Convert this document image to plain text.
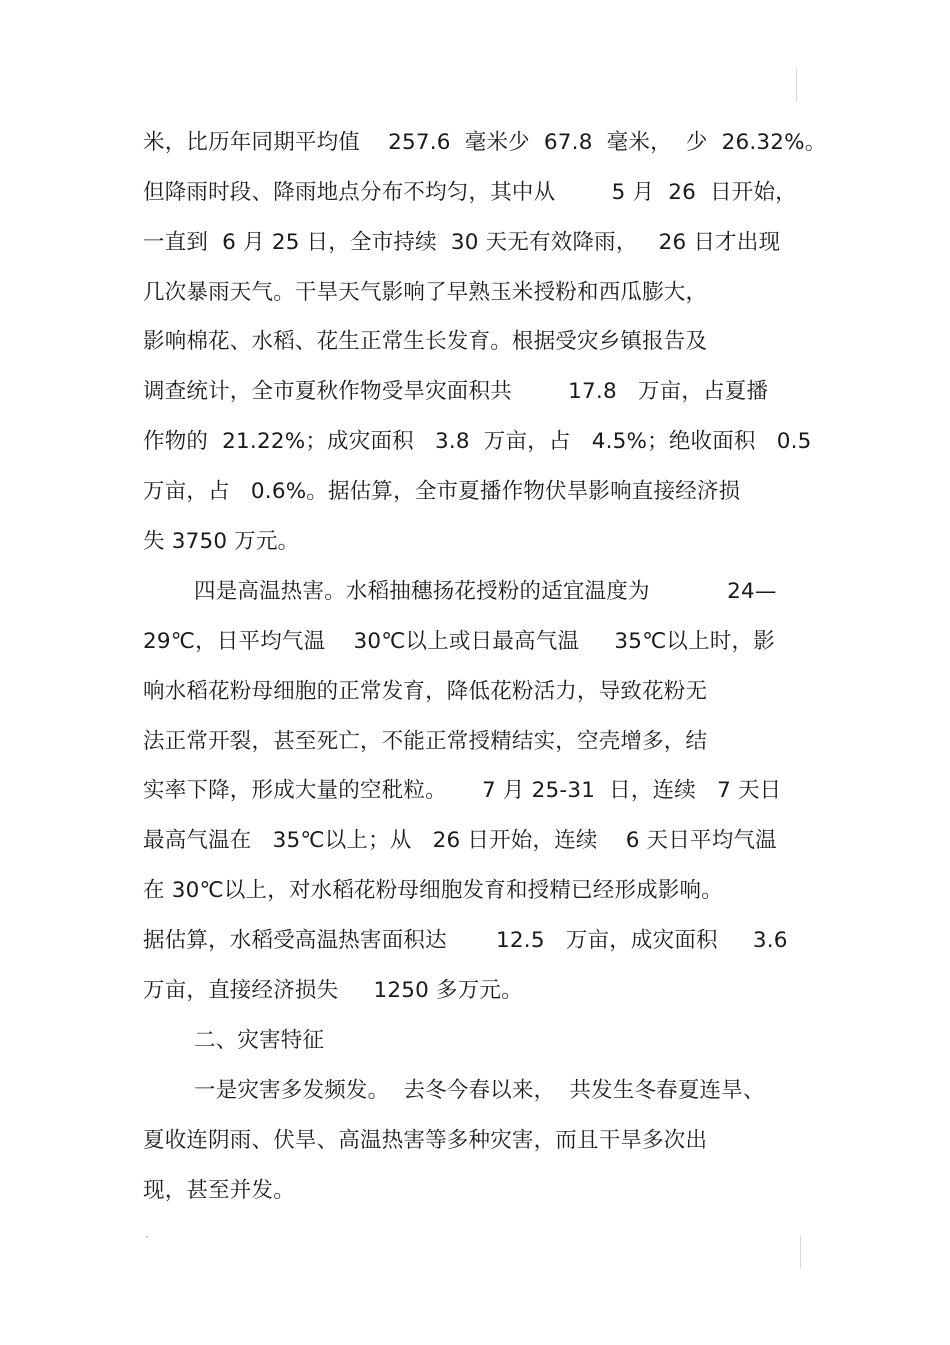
米，比历年同期平均值    257.6  毫米少  67.8  毫米，  少  26.32%。
但降雨时段、降雨地点分布不均匀，其中从        5 月  26  日开始，
一直到  6 月 25 日，全市持续  30 天无有效降雨，   26 日才出现
几次暴雨天气。干旱天气影响了早熟玉米授粉和西瓜膨大，
影响棉花、水稻、花生正常生长发育。根据受灾乡镇报告及
调查统计，全市夏秋作物受旱灾面积共        17.8   万亩，占夏播
作物的  21.22%；成灾面积   3.8  万亩，占   4.5%；绝收面积   0.5
万亩，占   0.6%。据估算，全市夏播作物伏旱影响直接经济损
失 3750 万元。
四是高温热害。水稻抽穗扬花授粉的适宜温度为           24—
29℃，日平均气温    30℃以上或日最高气温     35℃以上时，影
响水稻花粉母细胞的正常发育，降低花粉活力，导致花粉无
法正常开裂，甚至死亡，不能正常授精结实，空壳增多，结
实率下降，形成大量的空秕粒。     7 月 25-31  日，连续   7 天日
最高气温在   35℃以上；从   26 日开始，连续    6 天日平均气温
在 30℃以上，对水稻花粉母细胞发育和授精已经形成影响。
据估算，水稻受高温热害面积达       12.5   万亩，成灾面积     3.6
万亩，直接经济损失     1250 多万元。
二、灾害特征
一是灾害多发频发。  去冬今春以来，  共发生冬春夏连旱、
夏收连阴雨、伏旱、高温热害等多种灾害，而且干旱多次出
现，甚至并发。
